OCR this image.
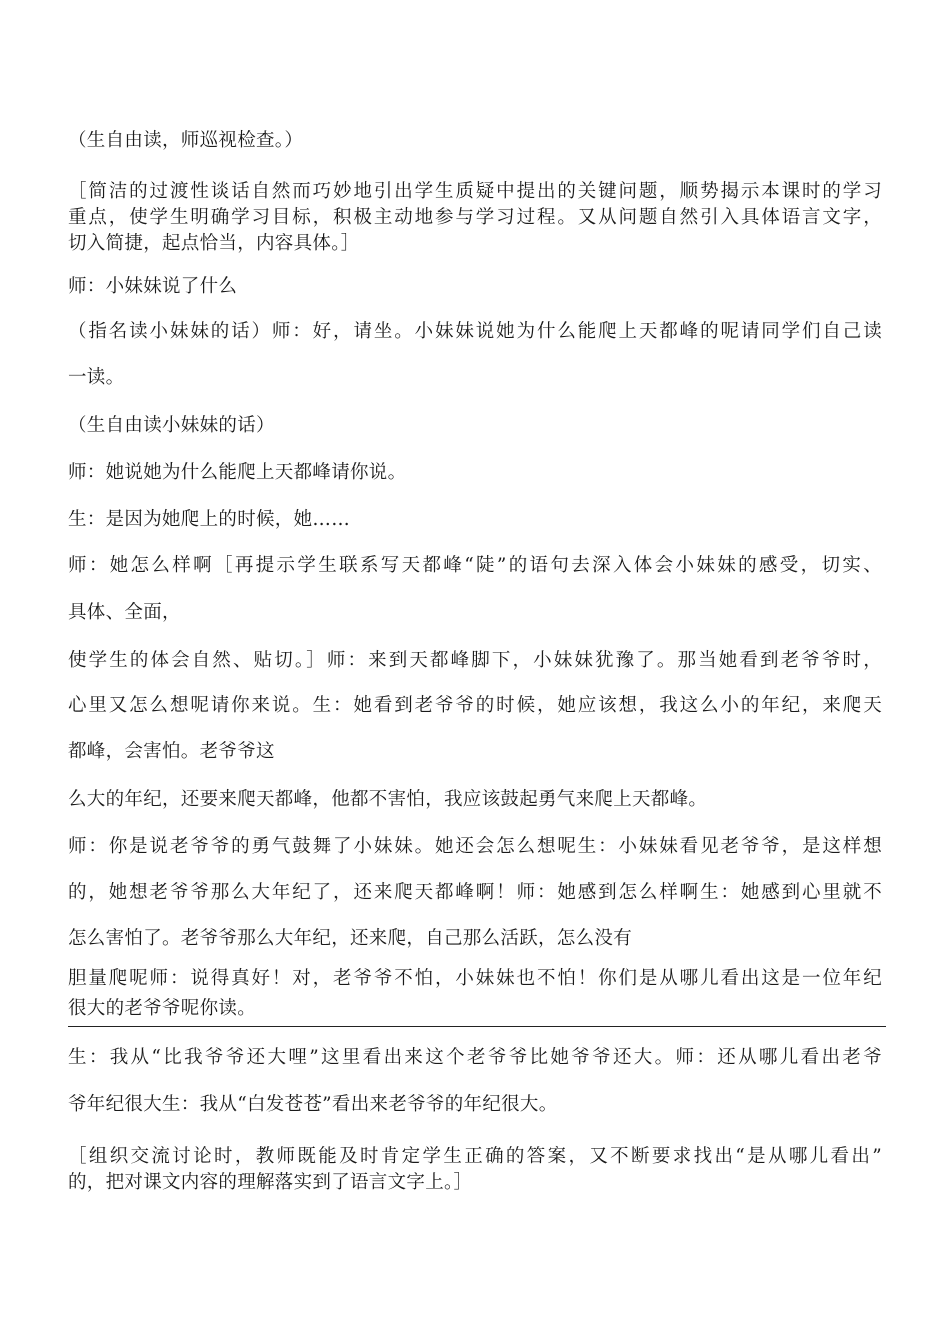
（生自由读，师巡视检查。）
［简洁的过渡性谈话自然而巧妙地引出学生质疑中提出的关键问题，顺势揭示本课时的学习
重点，使学生明确学习目标，积极主动地参与学习过程。又从问题自然引入具体语言文字，
切入简捷，起点恰当，内容具体。］
师：小妹妹说了什么
（指名读小妹妹的话）师：好，请坐。小妹妹说她为什么能爬上天都峰的呢请同学们自己读
一读。
（生自由读小妹妹的话）
师：她说她为什么能爬上天都峰请你说。
生：是因为她爬上的时候，她……
师：她怎么样啊［再提示学生联系写天都峰“陡”的语句去深入体会小妹妹的感受，切实、
具体、全面，
使学生的体会自然、贴切。］师：来到天都峰脚下，小妹妹犹豫了。那当她看到老爷爷时，
心里又怎么想呢请你来说。生：她看到老爷爷的时候，她应该想，我这么小的年纪，来爬天
都峰，会害怕。老爷爷这
么大的年纪，还要来爬天都峰，他都不害怕，我应该鼓起勇气来爬上天都峰。
师：你是说老爷爷的勇气鼓舞了小妹妹。她还会怎么想呢生：小妹妹看见老爷爷，是这样想
的，她想老爷爷那么大年纪了，还来爬天都峰啊！师：她感到怎么样啊生：她感到心里就不
怎么害怕了。老爷爷那么大年纪，还来爬，自己那么活跃，怎么没有
胆量爬呢师：说得真好！对，老爷爷不怕，小妹妹也不怕！你们是从哪儿看出这是一位年纪
很大的老爷爷呢你读。
生：我从“比我爷爷还大哩”这里看出来这个老爷爷比她爷爷还大。师：还从哪儿看出老爷
爷年纪很大生：我从“白发苍苍”看出来老爷爷的年纪很大。
［组织交流讨论时，教师既能及时肯定学生正确的答案，又不断要求找出“是从哪儿看出”
的，把对课文内容的理解落实到了语言文字上。］
